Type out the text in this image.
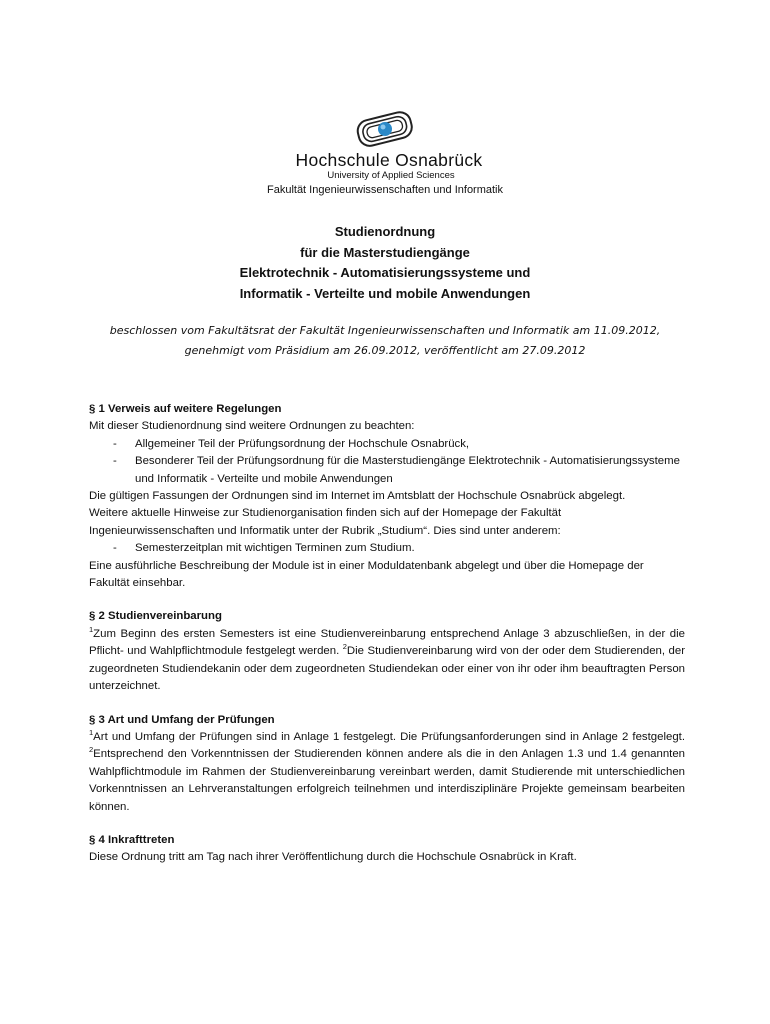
Hochschule Osnabrück
University of Applied Sciences
Fakultät Ingenieurwissenschaften und Informatik
Studienordnung
für die Masterstudiengänge
Elektrotechnik - Automatisierungssysteme und
Informatik - Verteilte und mobile Anwendungen
beschlossen vom Fakultätsrat der Fakultät Ingenieurwissenschaften und Informatik am 11.09.2012,
genehmigt vom Präsidium am 26.09.2012, veröffentlicht am 27.09.2012

§ 1 Verweis auf weitere Regelungen

Mit dieser Studienordnung sind weitere Ordnungen zu beachten:

- Allgemeiner Teil der Prüfungsordnung der Hochschule Osnabrück,
- Besonderer Teil der Prüfungsordnung für die Masterstudiengänge Elektrotechnik - Automatisierungssysteme und Informatik - Verteilte und mobile Anwendungen

Die gültigen Fassungen der Ordnungen sind im Internet im Amtsblatt der Hochschule Osnabrück abgelegt.

Weitere aktuelle Hinweise zur Studienorganisation finden sich auf der Homepage der Fakultät Ingenieurwissenschaften und Informatik unter der Rubrik „Studium“. Dies sind unter anderem:

- Semesterzeitplan mit wichtigen Terminen zum Studium.

Eine ausführliche Beschreibung der Module ist in einer Moduldatenbank abgelegt und über die Homepage der Fakultät einsehbar.

§ 2 Studienvereinbarung

$^1$Zum Beginn des ersten Semesters ist eine Studienvereinbarung entsprechend Anlage 3 abzuschließen, in der die Pflicht- und Wahlpflichtmodule festgelegt werden. $^2$Die Studienvereinbarung wird von der oder dem Studierenden, der zugeordneten Studiendekanin oder dem zugeordneten Studiendekan oder einer von ihr oder ihm beauftragten Person unterzeichnet.

§ 3 Art und Umfang der Prüfungen

$^1$Art und Umfang der Prüfungen sind in Anlage 1 festgelegt. Die Prüfungsanforderungen sind in Anlage 2 festgelegt. $^2$Entsprechend den Vorkenntnissen der Studierenden können andere als die in den Anlagen 1.3 und 1.4 genannten Wahlpflichtmodule im Rahmen der Studienvereinbarung vereinbart werden, damit Studierende mit unterschiedlichen Vorkenntnissen an Lehrveranstaltungen erfolgreich teilnehmen und interdisziplinäre Projekte gemeinsam bearbeiten können.

§ 4 Inkrafttreten

Diese Ordnung tritt am Tag nach ihrer Veröffentlichung durch die Hochschule Osnabrück in Kraft.
